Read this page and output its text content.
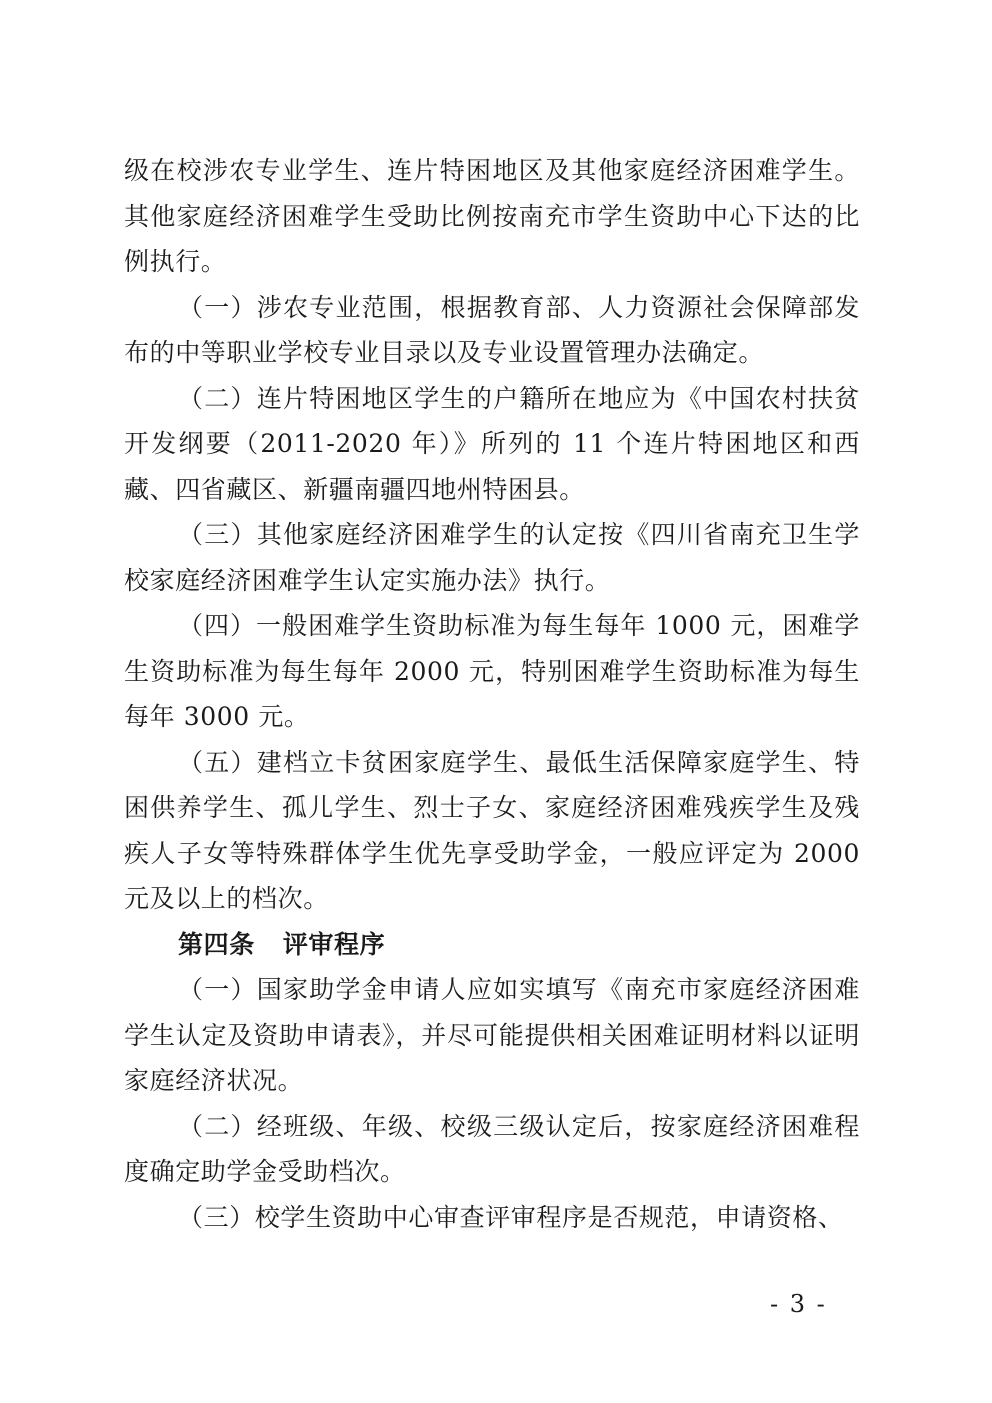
级在校涉农专业学生、连片特困地区及其他家庭经济困难学生。其他家庭经济困难学生受助比例按南充市学生资助中心下达的比例执行。

（一）涉农专业范围，根据教育部、人力资源社会保障部发布的中等职业学校专业目录以及专业设置管理办法确定。

（二）连片特困地区学生的户籍所在地应为《中国农村扶贫开发纲要（2011-2020 年）》所列的 11 个连片特困地区和西藏、四省藏区、新疆南疆四地州特困县。

（三）其他家庭经济困难学生的认定按《四川省南充卫生学校家庭经济困难学生认定实施办法》执行。

（四）一般困难学生资助标准为每生每年 1000 元，困难学生资助标准为每生每年 2000 元，特别困难学生资助标准为每生每年 3000 元。

（五）建档立卡贫困家庭学生、最低生活保障家庭学生、特困供养学生、孤儿学生、烈士子女、家庭经济困难残疾学生及残疾人子女等特殊群体学生优先享受助学金，一般应评定为 2000 元及以上的档次。

第四条 评审程序

（一）国家助学金申请人应如实填写《南充市家庭经济困难学生认定及资助申请表》，并尽可能提供相关困难证明材料以证明家庭经济状况。

（二）经班级、年级、校级三级认定后，按家庭经济困难程度确定助学金受助档次。

（三）校学生资助中心审查评审程序是否规范，申请资格、

- 3 -
